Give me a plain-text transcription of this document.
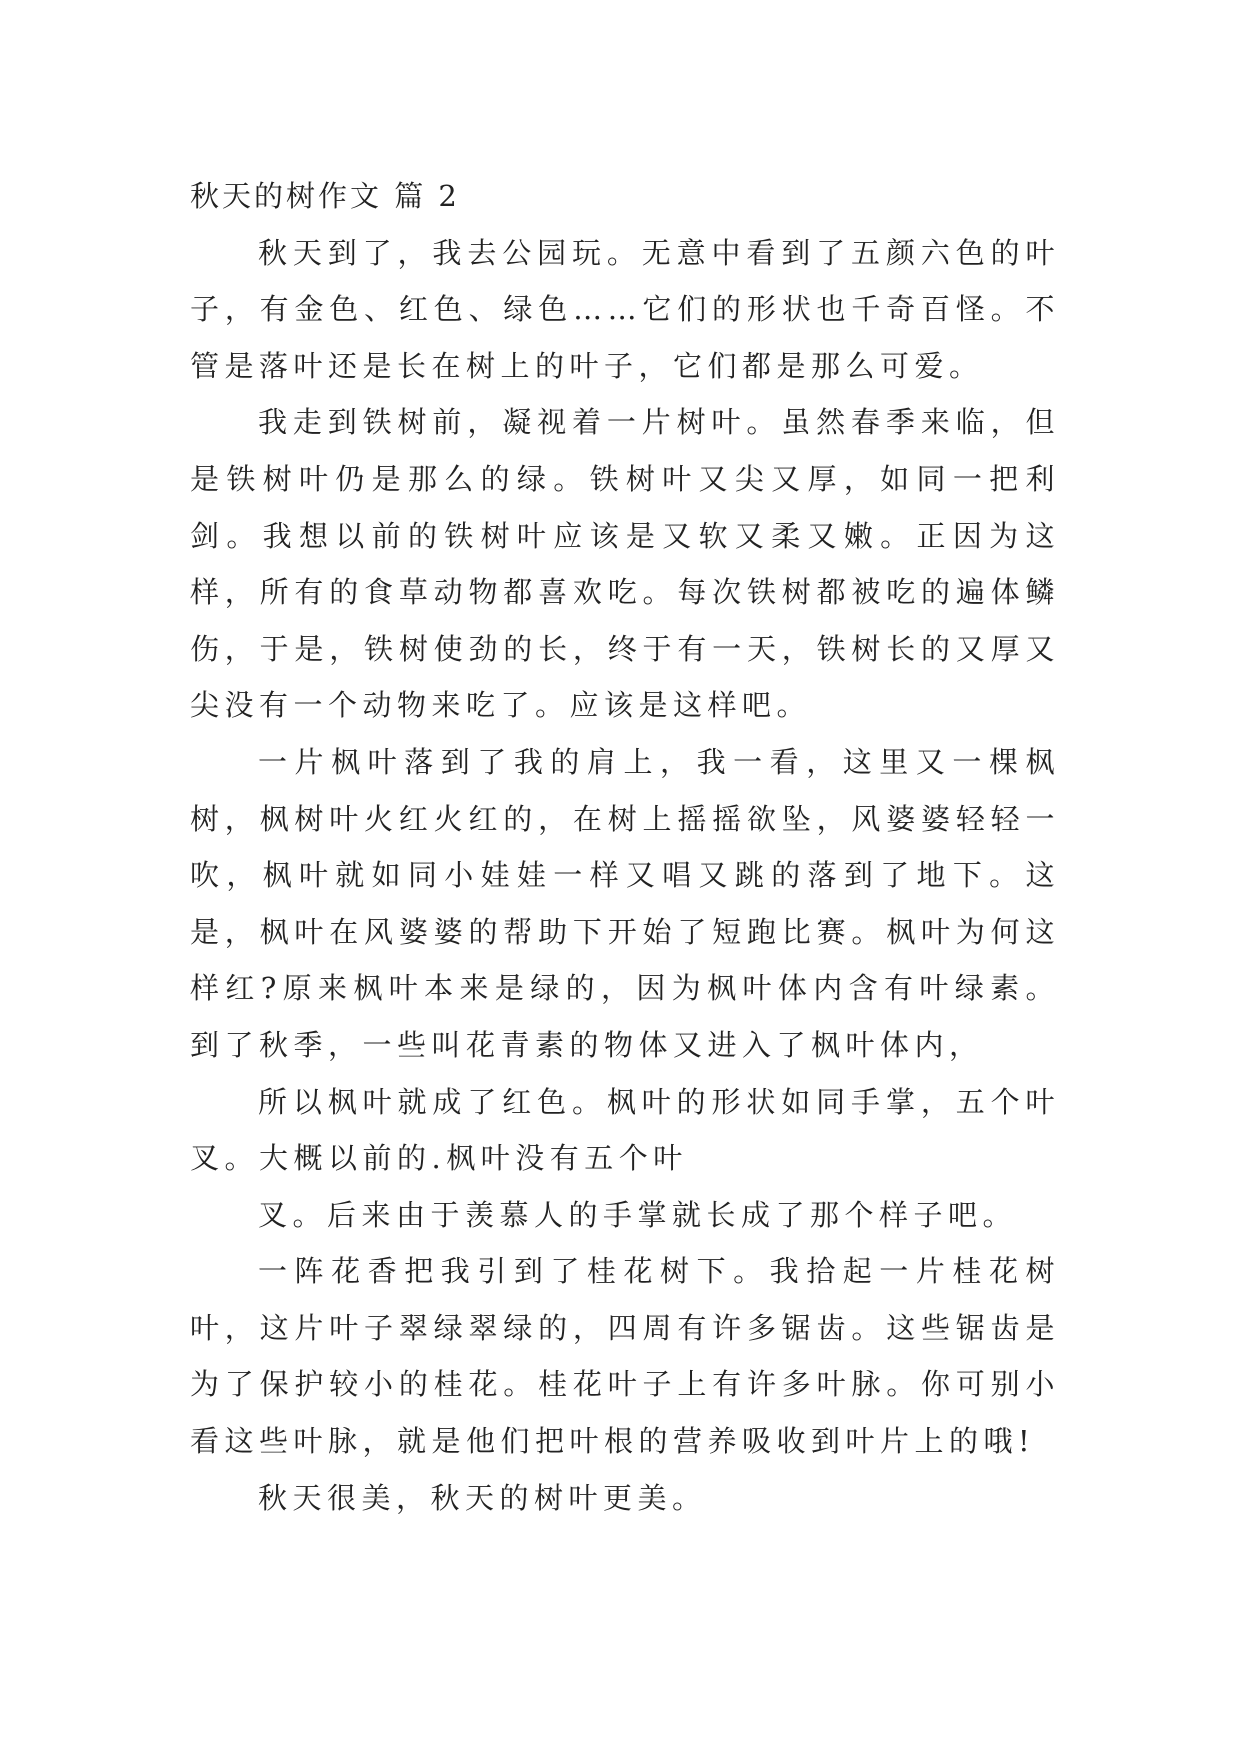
秋天的树作文 篇 2

秋天到了，我去公园玩。无意中看到了五颜六色的叶子，有金色、红色、绿色……它们的形状也千奇百怪。不管是落叶还是长在树上的叶子，它们都是那么可爱。

我走到铁树前，凝视着一片树叶。虽然春季来临，但是铁树叶仍是那么的绿。铁树叶又尖又厚，如同一把利剑。我想以前的铁树叶应该是又软又柔又嫩。正因为这样，所有的食草动物都喜欢吃。每次铁树都被吃的遍体鳞伤，于是，铁树使劲的长，终于有一天，铁树长的又厚又尖没有一个动物来吃了。应该是这样吧。

一片枫叶落到了我的肩上，我一看，这里又一棵枫树，枫树叶火红火红的，在树上摇摇欲坠，风婆婆轻轻一吹，枫叶就如同小娃娃一样又唱又跳的落到了地下。这是，枫叶在风婆婆的帮助下开始了短跑比赛。枫叶为何这样红?原来枫叶本来是绿的，因为枫叶体内含有叶绿素。到了秋季，一些叫花青素的物体又进入了枫叶体内，

所以枫叶就成了红色。枫叶的形状如同手掌，五个叶叉。大概以前的.枫叶没有五个叶

叉。后来由于羡慕人的手掌就长成了那个样子吧。

一阵花香把我引到了桂花树下。我拾起一片桂花树叶，这片叶子翠绿翠绿的，四周有许多锯齿。这些锯齿是为了保护较小的桂花。桂花叶子上有许多叶脉。你可别小看这些叶脉，就是他们把叶根的营养吸收到叶片上的哦!

秋天很美，秋天的树叶更美。
